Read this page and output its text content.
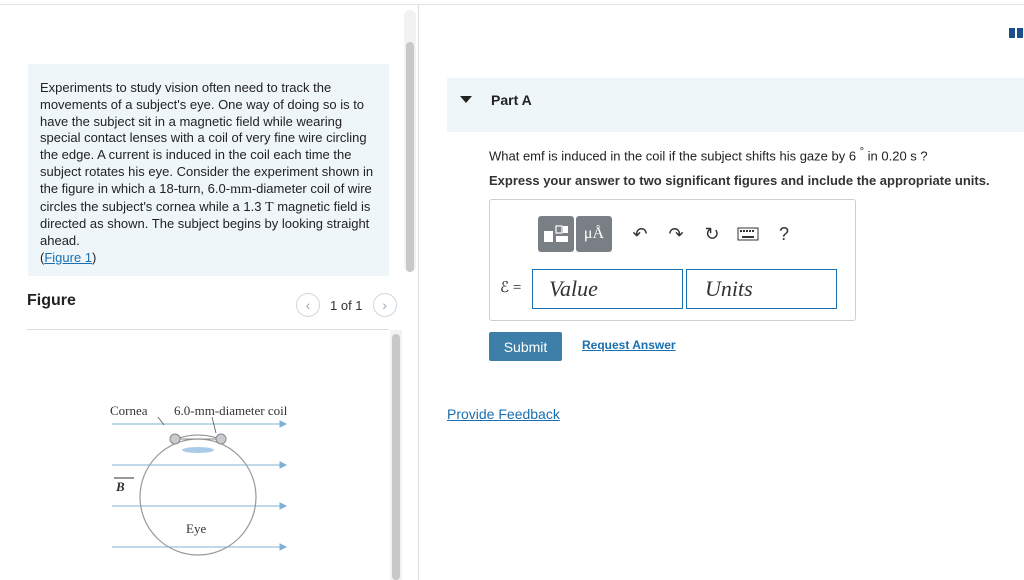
Experiments to study vision often need to track the movements of a subject's eye. One way of doing so is to have the subject sit in a magnetic field while wearing special contact lenses with a coil of very fine wire circling the edge. A current is induced in the coil each time the subject rotates his eye. Consider the experiment shown in the figure in which a 18-turn, 6.0-mm-diameter coil of wire circles the subject's cornea while a 1.3 T magnetic field is directed as shown. The subject begins by looking straight ahead.
(Figure 1)
Figure	‹ 1 of 1 ›
Cornea 6.0-mm-diameter coil
B
Eye
Part A
What emf is induced in the coil if the subject shifts his gaze by 6 ° in 0.20 s ?
Express your answer to two significant figures and include the appropriate units.
μÅ	↶	↷	↻	?
ℰ =
Value
Units
Submit	Request Answer
Provide Feedback
